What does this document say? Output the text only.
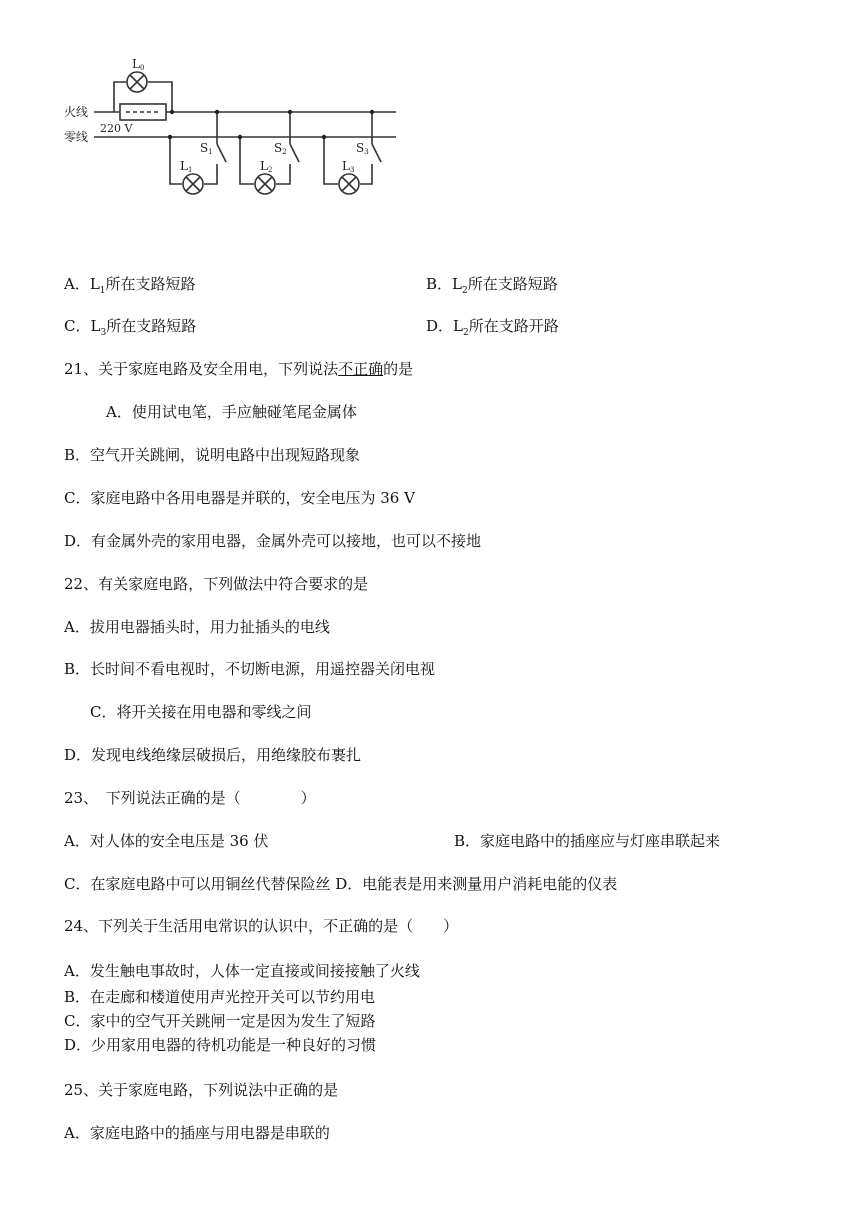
火线
零线
220 V
L0
L1
S1
L2
S2
L3
S3
A．$L_1$所在支路短路	B．$L_2$所在支路短路
C．$L_3$所在支路短路	D．$L_2$所在支路开路
21、关于家庭电路及安全用电，下列说法不正确的是
A．使用试电笔，手应触碰笔尾金属体
B．空气开关跳闸，说明电路中出现短路现象
C．家庭电路中各用电器是并联的，安全电压为 36 V
D．有金属外壳的家用电器，金属外壳可以接地，也可以不接地
22、有关家庭电路，下列做法中符合要求的是
A．拔用电器插头时，用力扯插头的电线
B．长时间不看电视时，不切断电源，用遥控器关闭电视
C．将开关接在用电器和零线之间
D．发现电线绝缘层破损后，用绝缘胶布裹扎
23、　下列说法正确的是（　　　　）
A．对人体的安全电压是 36 伏	B．家庭电路中的插座应与灯座串联起来
C．在家庭电路中可以用铜丝代替保险丝 D．电能表是用来测量用户消耗电能的仪表
24、下列关于生活用电常识的认识中，不正确的是（　　）
A．发生触电事故时，人体一定直接或间接接触了火线
B．在走廊和楼道使用声光控开关可以节约用电
C．家中的空气开关跳闸一定是因为发生了短路
D．少用家用电器的待机功能是一种良好的习惯
25、关于家庭电路，下列说法中正确的是
A．家庭电路中的插座与用电器是串联的
